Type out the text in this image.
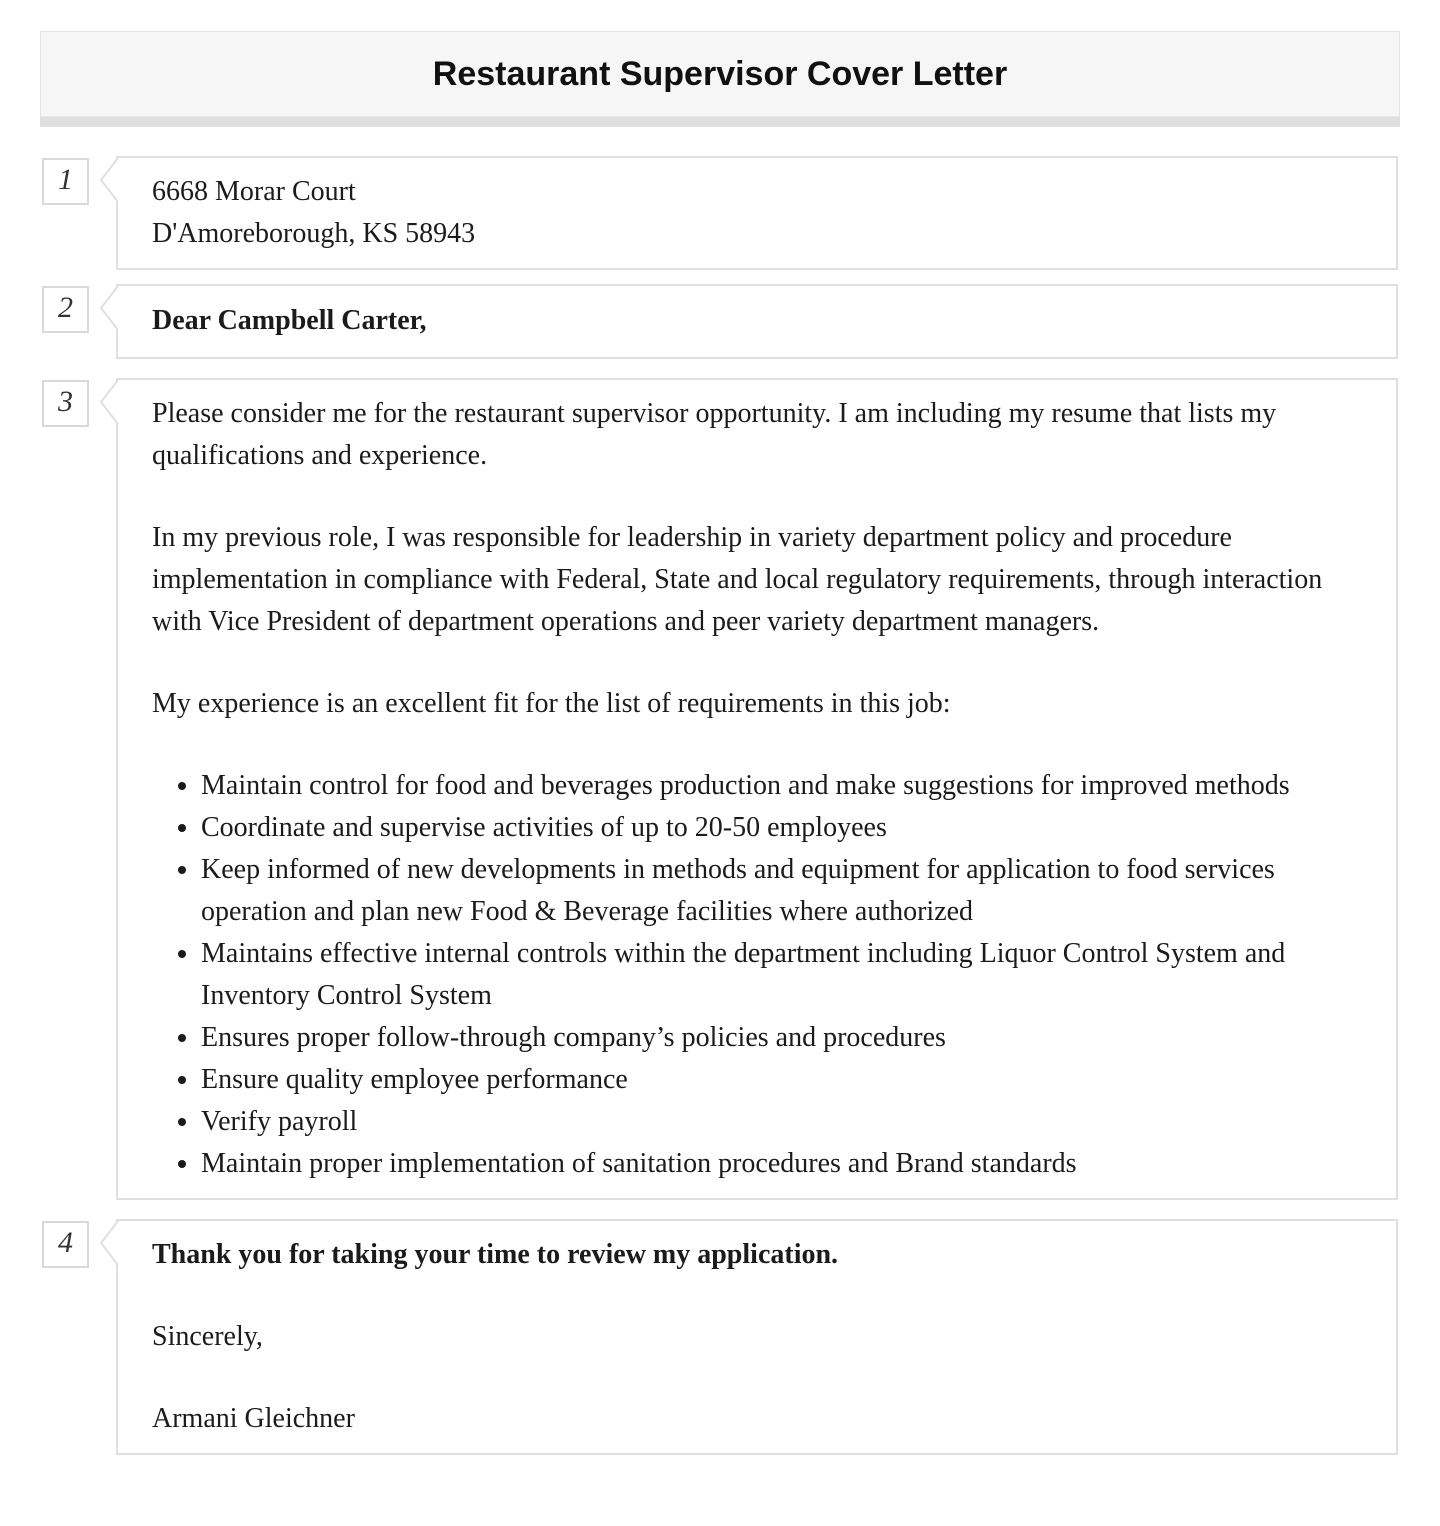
Restaurant Supervisor Cover Letter
1	6668 Morar Court

D'Amoreborough, KS 58943

2	Dear Campbell Carter,

3	Please consider me for the restaurant supervisor opportunity. I am including my resume that lists my qualifications and experience.

In my previous role, I was responsible for leadership in variety department policy and procedure implementation in compliance with Federal, State and local regulatory requirements, through interaction with Vice President of department operations and peer variety department managers.

My experience is an excellent fit for the list of requirements in this job:

• Maintain control for food and beverages production and make suggestions for improved methods
• Coordinate and supervise activities of up to 20-50 employees
• Keep informed of new developments in methods and equipment for application to food services operation and plan new Food & Beverage facilities where authorized
• Maintains effective internal controls within the department including Liquor Control System and Inventory Control System
• Ensures proper follow-through company’s policies and procedures
• Ensure quality employee performance
• Verify payroll
• Maintain proper implementation of sanitation procedures and Brand standards
4	Thank you for taking your time to review my application.

Sincerely,

Armani Gleichner
